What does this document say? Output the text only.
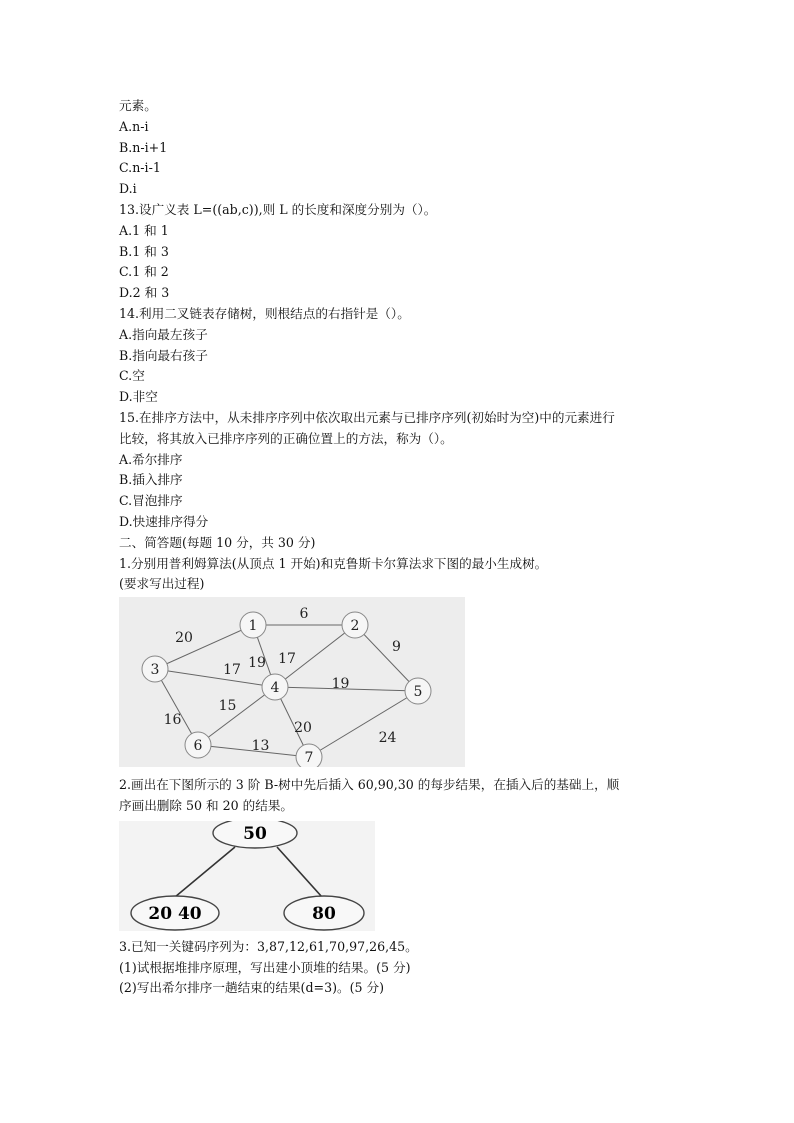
元素。
A.n-i
B.n-i+1
C.n-i-1
D.i
13.设广义表 L=((ab,c)),则 L 的长度和深度分别为（）。
A.1 和 1
B.1 和 3
C.1 和 2
D.2 和 3
14.利用二叉链表存储树，则根结点的右指针是（）。
A.指向最左孩子
B.指向最右孩子
C.空
D.非空
15.在排序方法中，从未排序序列中依次取出元素与已排序序列(初始时为空)中的元素进行
比较，将其放入已排序序列的正确位置上的方法，称为（）。
A.希尔排序
B.插入排序
C.冒泡排序
D.快速排序得分
二、简答题(每题 10 分，共 30 分)
1.分别用普利姆算法(从顶点 1 开始)和克鲁斯卡尔算法求下图的最小生成树。
(要求写出过程)
6
20
19 17
9
17
19
16
15
20
13	24
1	2
3
4	5
6
7
2.画出在下图所示的 3 阶 B-树中先后插入 60,90,30 的每步结果，在插入后的基础上，顺
序画出删除 50 和 20 的结果。
50
20 40	80
3.已知一关键码序列为：3,87,12,61,70,97,26,45。
(1)试根据堆排序原理，写出建小顶堆的结果。(5 分)
(2)写出希尔排序一趟结束的结果(d=3)。(5 分)
